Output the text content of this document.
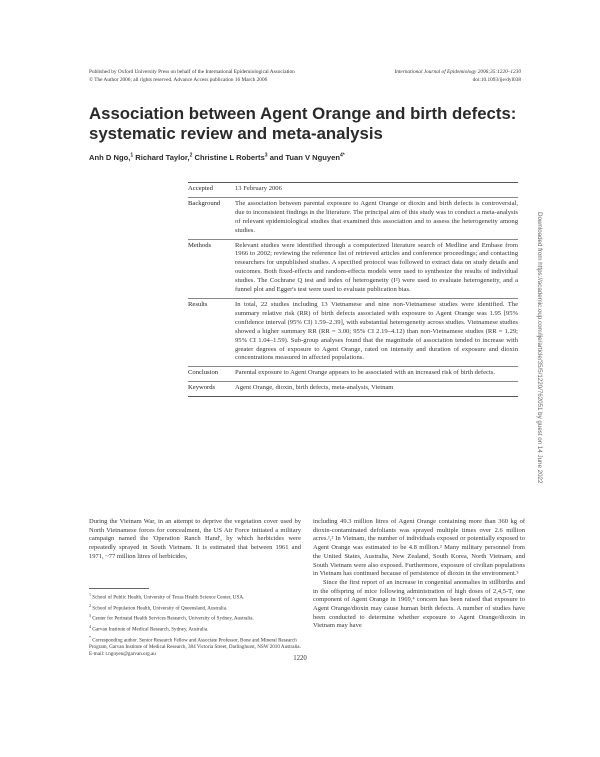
Published by Oxford University Press on behalf of the International Epidemiological Association	International Journal of Epidemiology 2006;35:1220–1230
© The Author 2006; all rights reserved. Advance Access publication 16 March 2006	doi:10.1093/ije/dyl038
Association between Agent Orange and birth defects: systematic review and meta-analysis
Anh D Ngo,$^1$ Richard Taylor,$^2$ Christine L Roberts$^3$ and Tuan V Nguyen$^{4*}$
Accepted	13 February 2006
Background	The association between parental exposure to Agent Orange or dioxin and birth defects is controversial, due to inconsistent findings in the literature. The principal aim of this study was to conduct a meta-analysis of relevant epidemiological studies that examined this association and to assess the heterogeneity among studies.
Methods	Relevant studies were identified through a computerized literature search of Medline and Embase from 1966 to 2002; reviewing the reference list of retrieved articles and conference proceedings; and contacting researchers for unpublished studies. A specified protocol was followed to extract data on study details and outcomes. Both fixed-effects and random-effects models were used to synthesize the results of individual studies. The Cochrane Q test and index of heterogeneity (I²) were used to evaluate heterogeneity, and a funnel plot and Egger's test were used to evaluate publication bias.
Results	In total, 22 studies including 13 Vietnamese and nine non-Vietnamese studies were identified. The summary relative risk (RR) of birth defects associated with exposure to Agent Orange was 1.95 [95% confidence interval (95% CI) 1.59–2.39], with substantial heterogeneity across studies. Vietnamese studies showed a higher summary RR (RR = 3.00; 95% CI 2.19–4.12) than non-Vietnamese studies (RR = 1.29; 95% CI 1.04–1.59). Sub-group analyses found that the magnitude of association tended to increase with greater degrees of exposure to Agent Orange, rated on intensity and duration of exposure and dioxin concentrations measured in affected populations.
Conclusion	Parental exposure to Agent Orange appears to be associated with an increased risk of birth defects.
Keywords	Agent Orange, dioxin, birth defects, meta-analysis, Vietnam

During the Vietnam War, in an attempt to deprive the vegetation cover used by North Vietnamese forces for concealment, the US Air Force initiated a military campaign named the 'Operation Ranch Hand', by which herbicides were repeatedly sprayed in South Vietnam. It is estimated that between 1961 and 1971, ~77 million litres of herbicides,

including 49.3 million litres of Agent Orange containing more than 360 kg of dioxin-contaminated defoliants was sprayed multiple times over 2.6 million acres.¹,² In Vietnam, the number of individuals exposed or potentially exposed to Agent Orange was estimated to be 4.8 million.² Many military personnel from the United States, Australia, New Zealand, South Korea, North Vietnam, and South Vietnam were also exposed. Furthermore, exposure of civilian populations in Vietnam has continued because of persistence of dioxin in the environment.³

Since the first report of an increase in congenital anomalies in stillbirths and in the offspring of mice following administration of high doses of 2,4,5-T, one component of Agent Orange in 1969,⁴ concern has been raised that exposure to Agent Orange/dioxin may cause human birth defects. A number of studies have been conducted to determine whether exposure to Agent Orange/dioxin in Vietnam may have

$^1$ School of Public Health, University of Texas Health Science Center, USA.
$^2$ School of Population Health, University of Queensland, Australia.
$^3$ Center for Perinatal Health Services Research, University of Sydney, Australia.
$^4$ Garvan Institute of Medical Research, Sydney, Australia.
* Corresponding author. Senior Research Fellow and Associate Professor, Bone and Mineral Research Program, Garvan Institute of Medical Research, 384 Victoria Street, Darlinghurst, NSW 2010 Australia. E-mail: t.nguyen@garvan.org.au
1220
Downloaded from https://academic.oup.com/ije/article/35/5/1220/762051 by guest on 14 June 2022
